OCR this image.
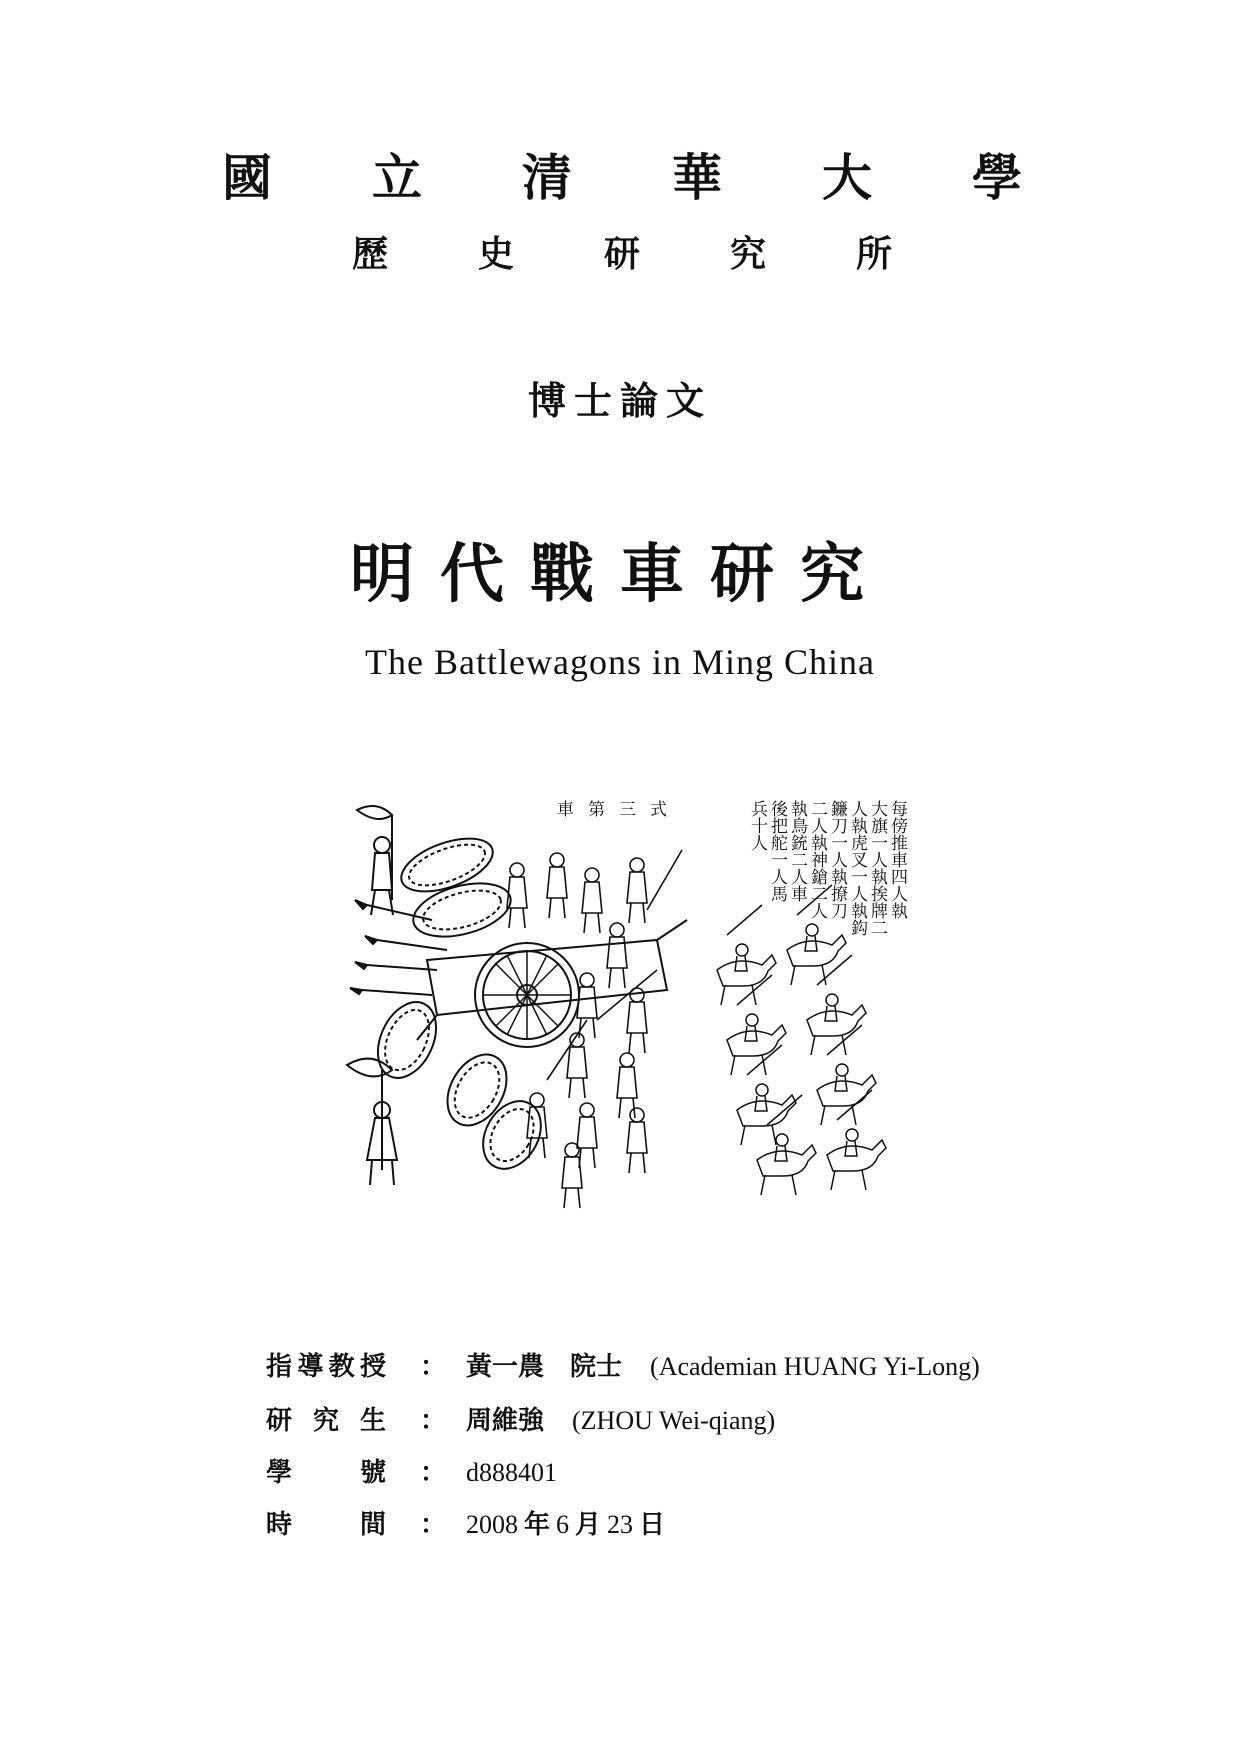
國 立 清 華 大 學
歷 史 研 究 所
博士論文
明代戰車研究
The Battlewagons in Ming China
車第三式	每傍推車四人執
大旗一人執挨牌二
人執虎叉一人執鈎
鐮刀一人執撩刀
二人執神鎗二人
執鳥銃二人車
後把舵一人馬
兵十人
指 導 教 授	： 黃一農 院士 (Academian HUANG Yi-Long)
研 究 生	： 周維強 (ZHOU Wei-qiang)
學	號	： d888401
時	間	： 2008 年 6 月 23 日
